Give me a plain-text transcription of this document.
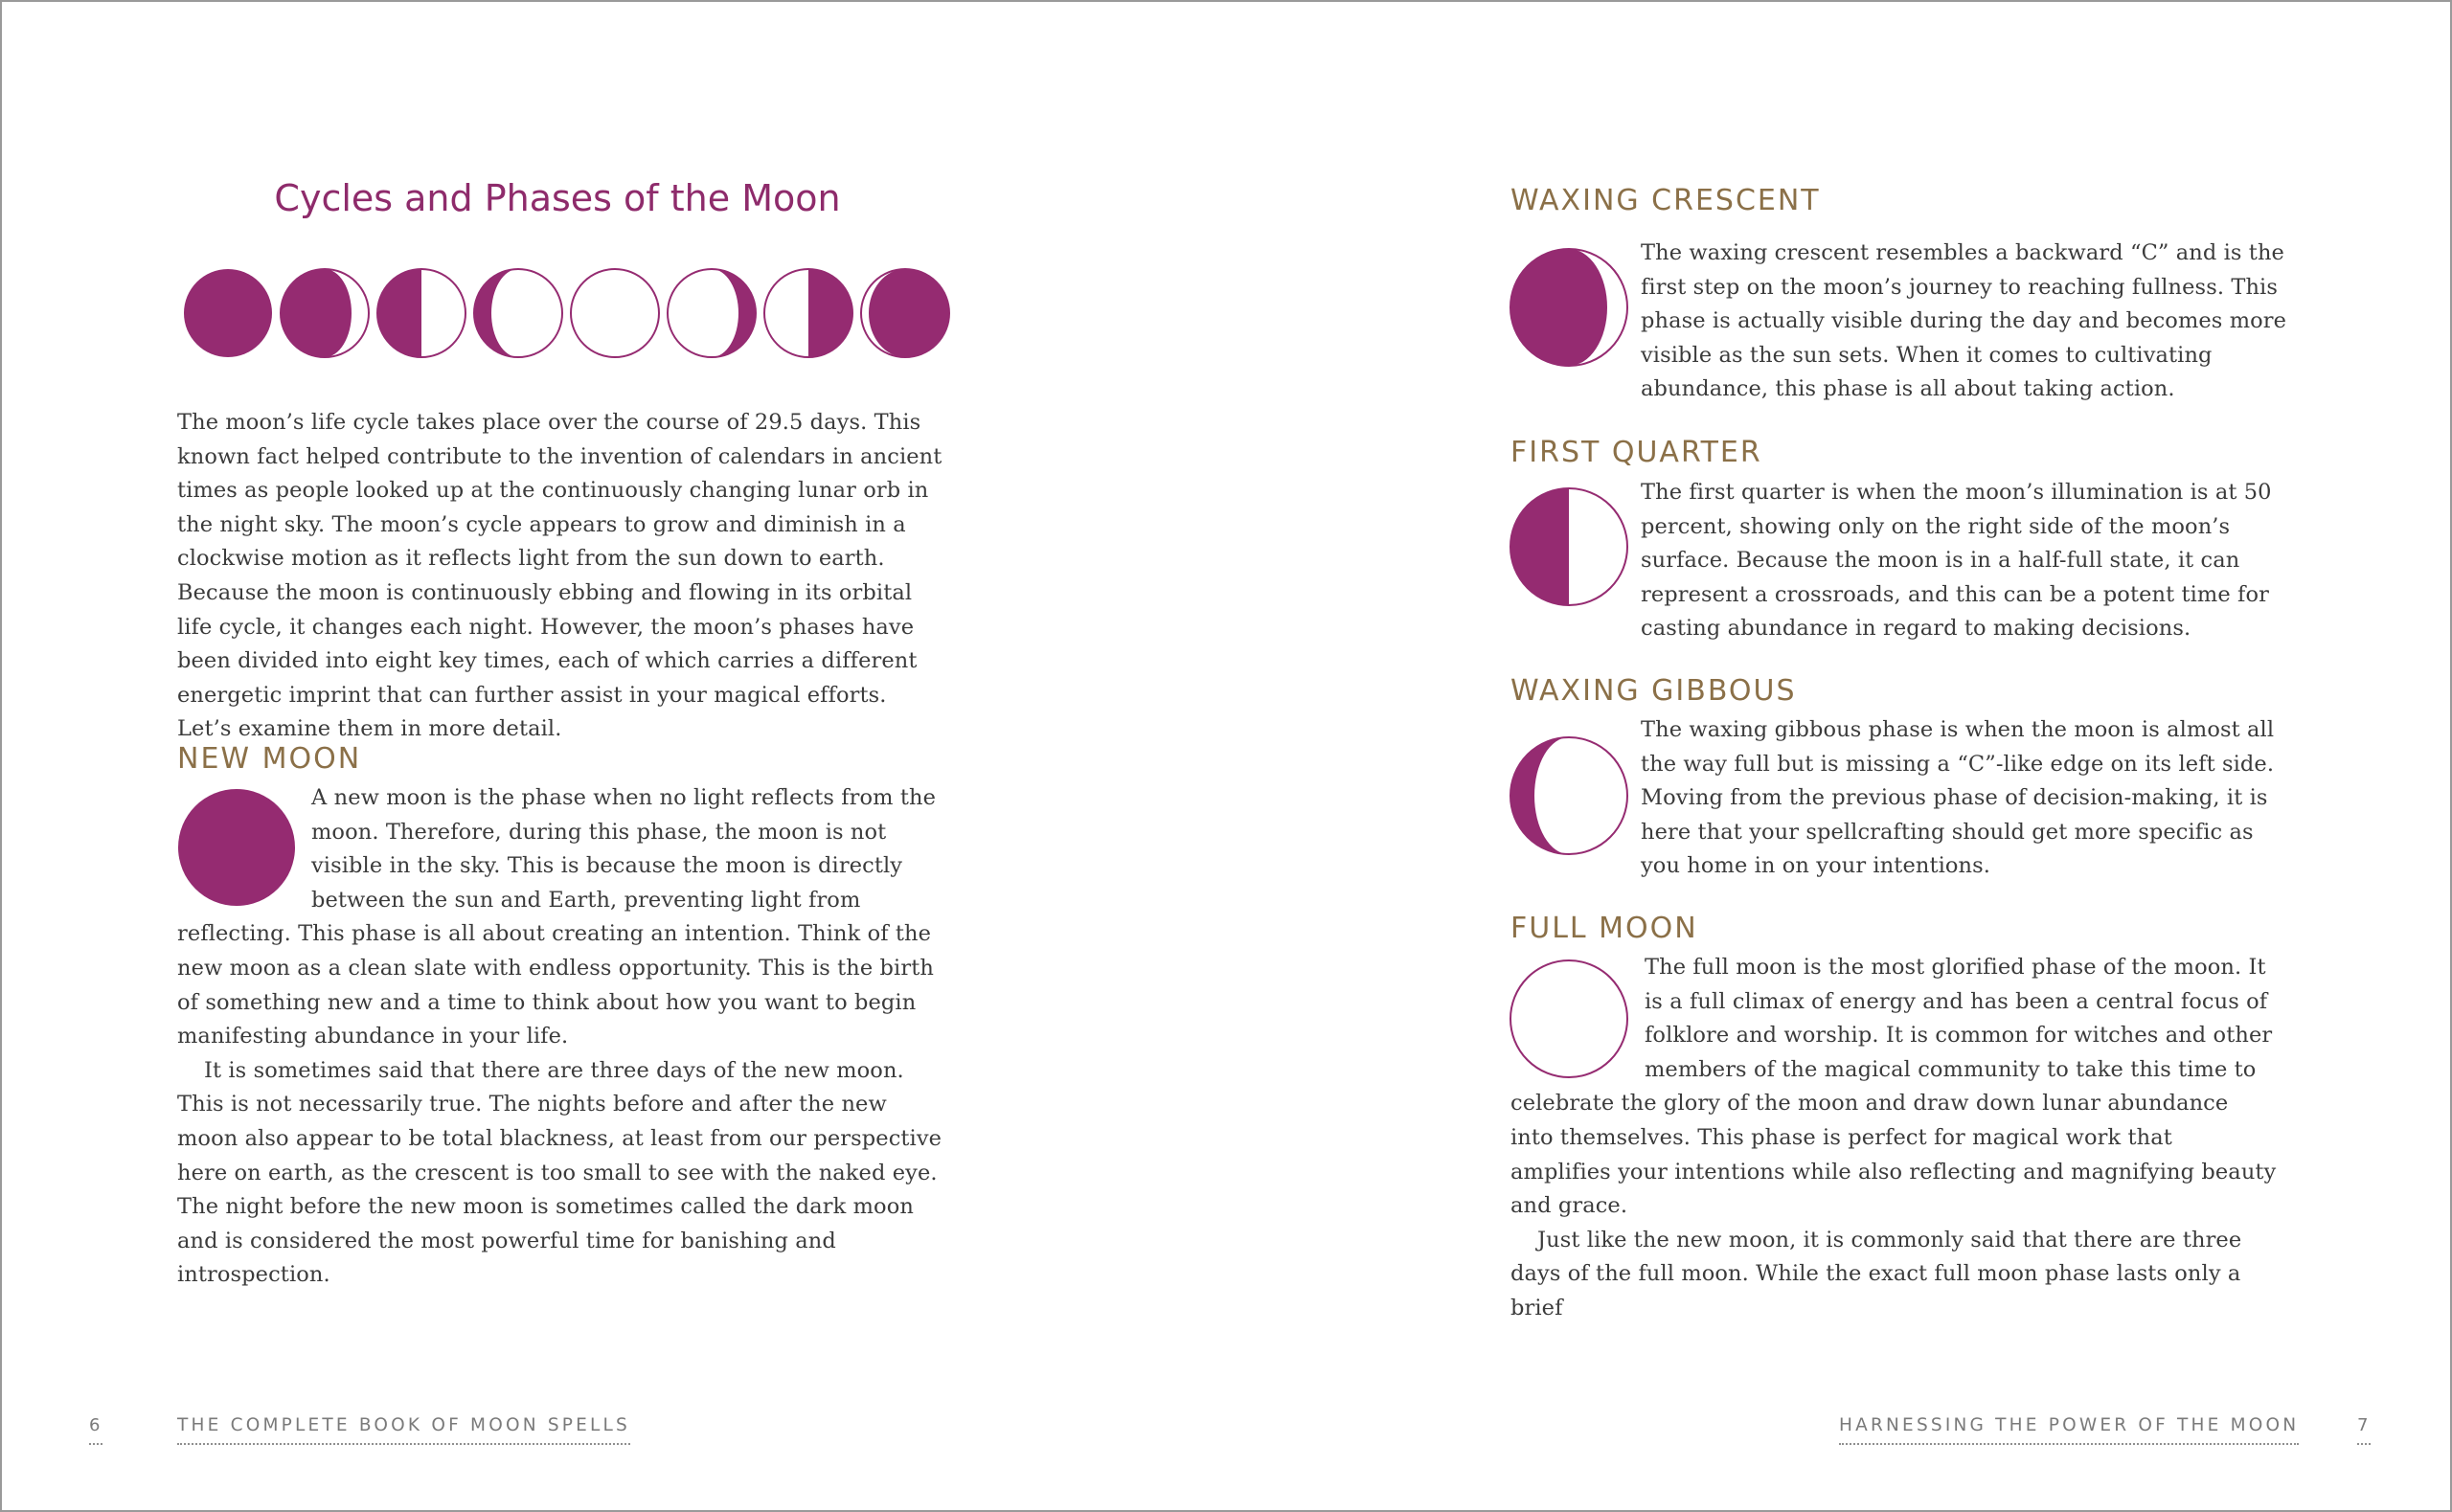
Cycles and Phases of the Moon

The moon’s life cycle takes place over the course of 29.5 days. This known fact helped contribute to the invention of calendars in ancient times as people looked up at the continuously changing lunar orb in the night sky. The moon’s cycle appears to grow and diminish in a clockwise motion as it reflects light from the sun down to earth. Because the moon is continuously ebbing and flowing in its orbital life cycle, it changes each night. However, the moon’s phases have been divided into eight key times, each of which carries a different energetic imprint that can further assist in your magical efforts. Let’s examine them in more detail.

NEW MOON

A new moon is the phase when no light reflects from the moon. Therefore, during this phase, the moon is not visible in the sky. This is because the moon is directly between the sun and Earth, preventing light from reflecting. This phase is all about creating an intention. Think of the new moon as a clean slate with endless opportunity. This is the birth of something new and a time to think about how you want to begin manifesting abundance in your life.

It is sometimes said that there are three days of the new moon. This is not necessarily true. The nights before and after the new moon also appear to be total blackness, at least from our perspective here on earth, as the crescent is too small to see with the naked eye. The night before the new moon is sometimes called the dark moon and is considered the most powerful time for banishing and introspection.

6	THE COMPLETE BOOK OF MOON SPELLS
WAXING CRESCENT

The waxing crescent resembles a backward “C” and is the first step on the moon’s journey to reaching fullness. This phase is actually visible during the day and becomes more visible as the sun sets. When it comes to cultivating abundance, this phase is all about taking action.

FIRST QUARTER

The first quarter is when the moon’s illumination is at 50 percent, showing only on the right side of the moon’s surface. Because the moon is in a half-full state, it can represent a crossroads, and this can be a potent time for casting abundance in regard to making decisions.

WAXING GIBBOUS

The waxing gibbous phase is when the moon is almost all the way full but is missing a “C”-like edge on its left side. Moving from the previous phase of decision-making, it is here that your spellcrafting should get more specific as you home in on your intentions.

FULL MOON

The full moon is the most glorified phase of the moon. It is a full climax of energy and has been a central focus of folklore and worship. It is common for witches and other members of the magical community to take this time to celebrate the glory of the moon and draw down lunar abundance into themselves. This phase is perfect for magical work that amplifies your intentions while also reflecting and magnifying beauty and grace.

Just like the new moon, it is commonly said that there are three days of the full moon. While the exact full moon phase lasts only a brief

HARNESSING THE POWER OF THE MOON	7
